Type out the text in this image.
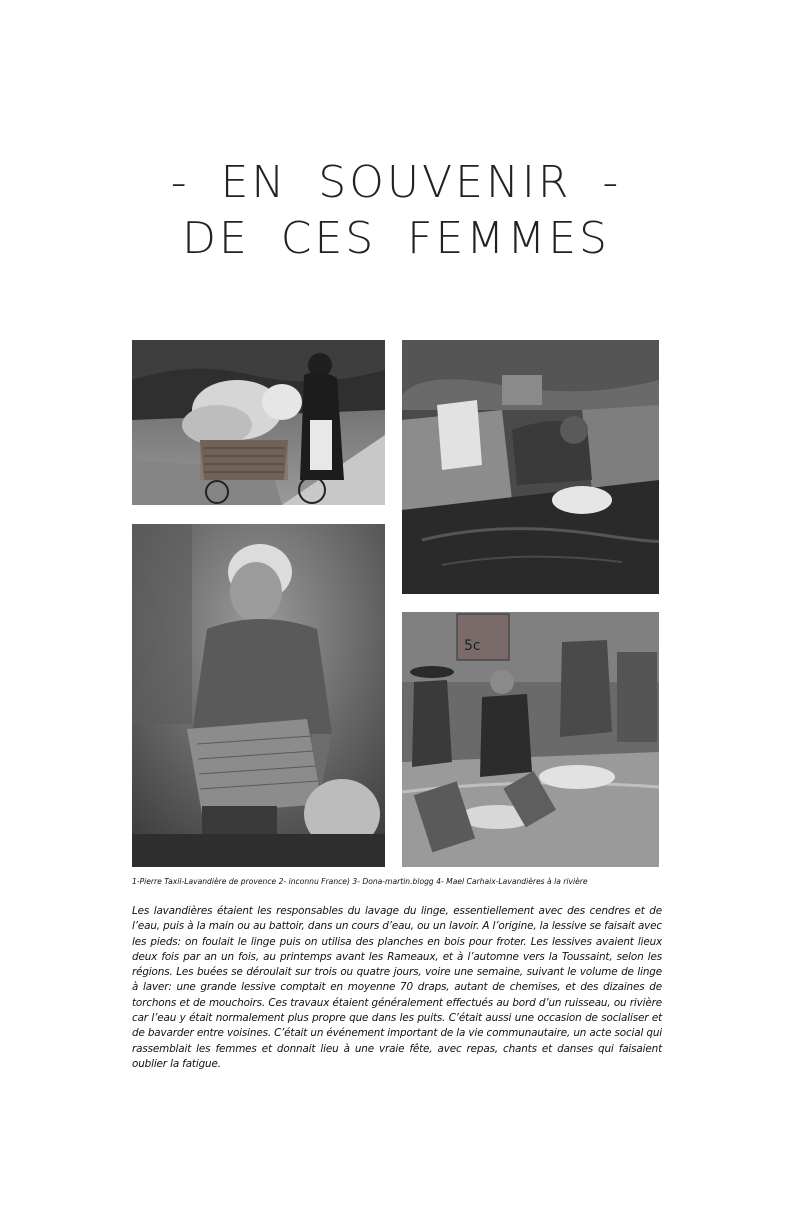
- EN SOUVENIR -
DE CES FEMMES
5c
1-Pierre Taxil-Lavandière de provence 2- inconnu France) 3- Dona-martin.blogg 4- Mael Carhaix-Lavandières à la rivière
Les lavandières étaient les responsables du lavage du linge, essentiellement avec des cendres et de l’eau, puis à la main ou au battoir, dans un cours d’eau, ou un lavoir. A l’origine, la lessive se faisait avec les pieds: on foulait le linge puis on utilisa des planches en bois pour froter. Les lessives avaient lieux deux fois par an un fois, au printemps avant les Rameaux, et à l’automne vers la Toussaint, selon les régions. Les buées se déroulait sur trois ou quatre jours, voire une semaine, suivant le volume de linge à laver: une grande lessive comptait en moyenne 70 draps, autant de chemises, et des dizaines de torchons et de mouchoirs. Ces travaux étaient généralement effectués au bord d’un ruisseau, ou rivière car l’eau y était normalement plus propre que dans les puits. C’était aussi une occasion de socialiser et de bavarder entre voisines. C’était un événement important de la vie communautaire, un acte social qui rassemblait les femmes et donnait lieu à une vraie fête, avec repas, chants et danses qui faisaient oublier la fatigue.
